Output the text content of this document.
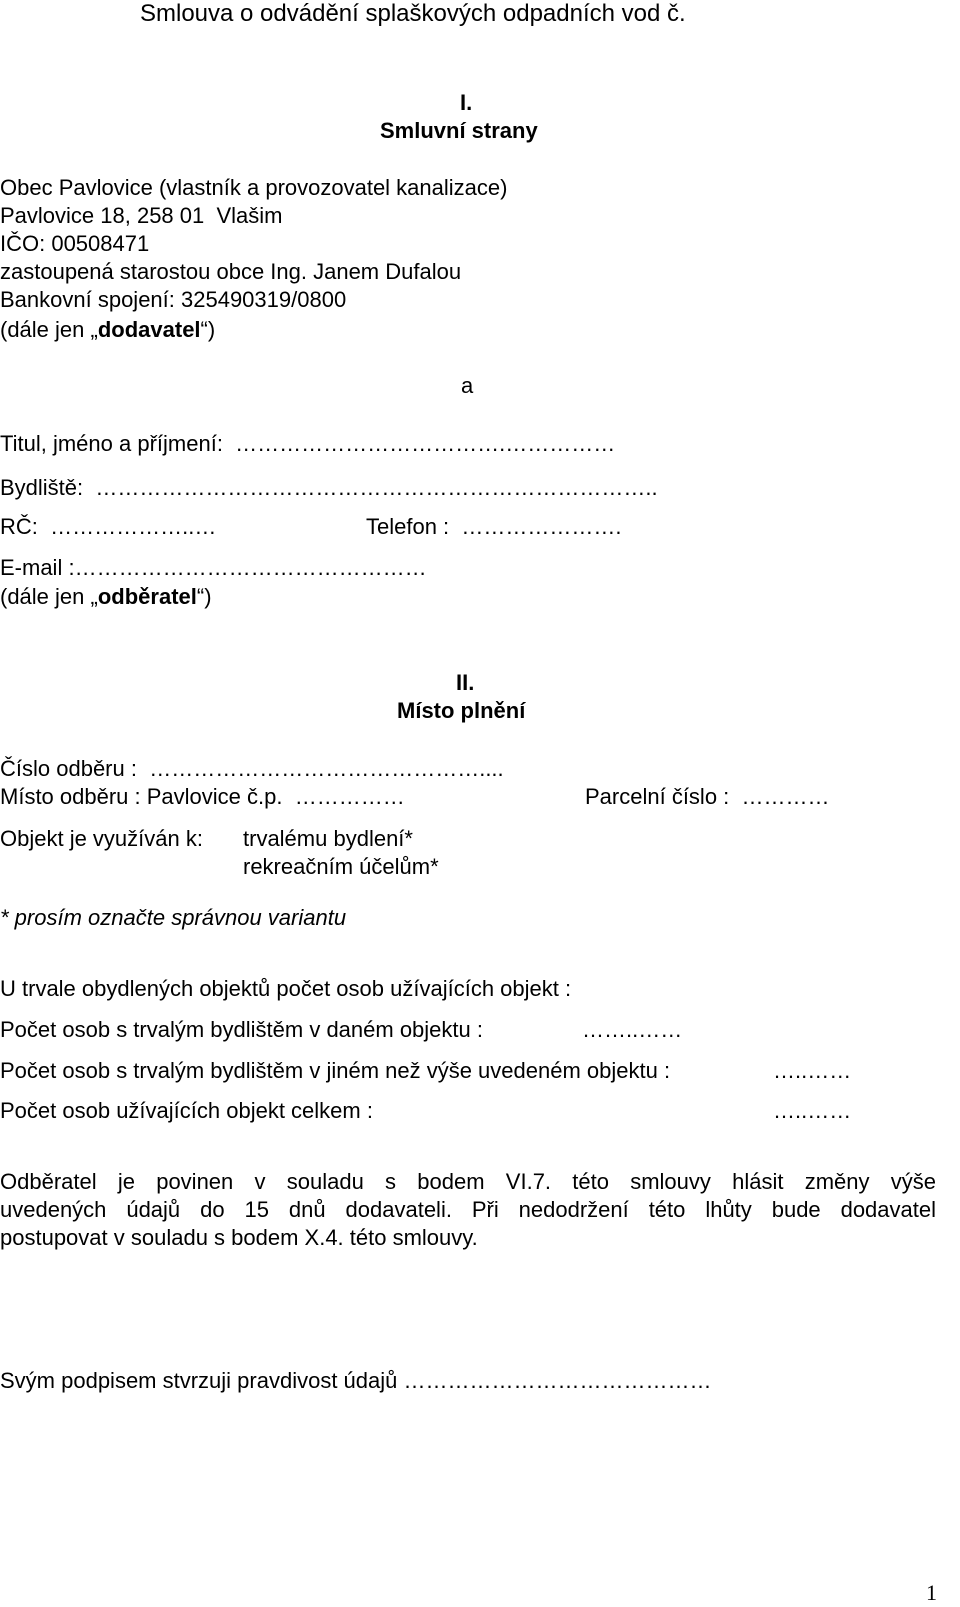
Smlouva o odvádění splaškových odpadních vod č.
I.
Smluvní strany
Obec Pavlovice (vlastník a provozovatel kanalizace)
Pavlovice 18, 258 01  Vlašim
IČO: 00508471
zastoupená starostou obce Ing. Janem Dufalou
Bankovní spojení: 325490319/0800
(dále jen „dodavatel“)
a
Titul, jméno a příjmení: ……………………………….……………
Bydliště: …………………………………………………………………..
RČ: ………………..…	Telefon : ………………….
E-mail :…………………………………………
(dále jen „odběratel“)
II.
Místo plnění
Číslo odběru : ………………………………………....
Místo odběru : Pavlovice č.p. ……………	Parcelní číslo : …………
Objekt je využíván k: trvalému bydlení*
rekreačním účelům*
* prosím označte správnou variantu
U trvale obydlených objektů počet osob užívajících objekt :
Počet osob s trvalým bydlištěm v daném objektu :	……..……
Počet osob s trvalým bydlištěm v jiném než výše uvedeném objektu :	…..……
Počet osob užívajících objekt celkem :	…..……
Odběratel je povinen v souladu s bodem VI.7. této smlouvy hlásit změny výše
uvedených údajů do 15 dnů dodavateli. Při nedodržení této lhůty bude dodavatel
postupovat v souladu s bodem X.4. této smlouvy.
Svým podpisem stvrzuji pravdivost údajů ……………………………………
1
